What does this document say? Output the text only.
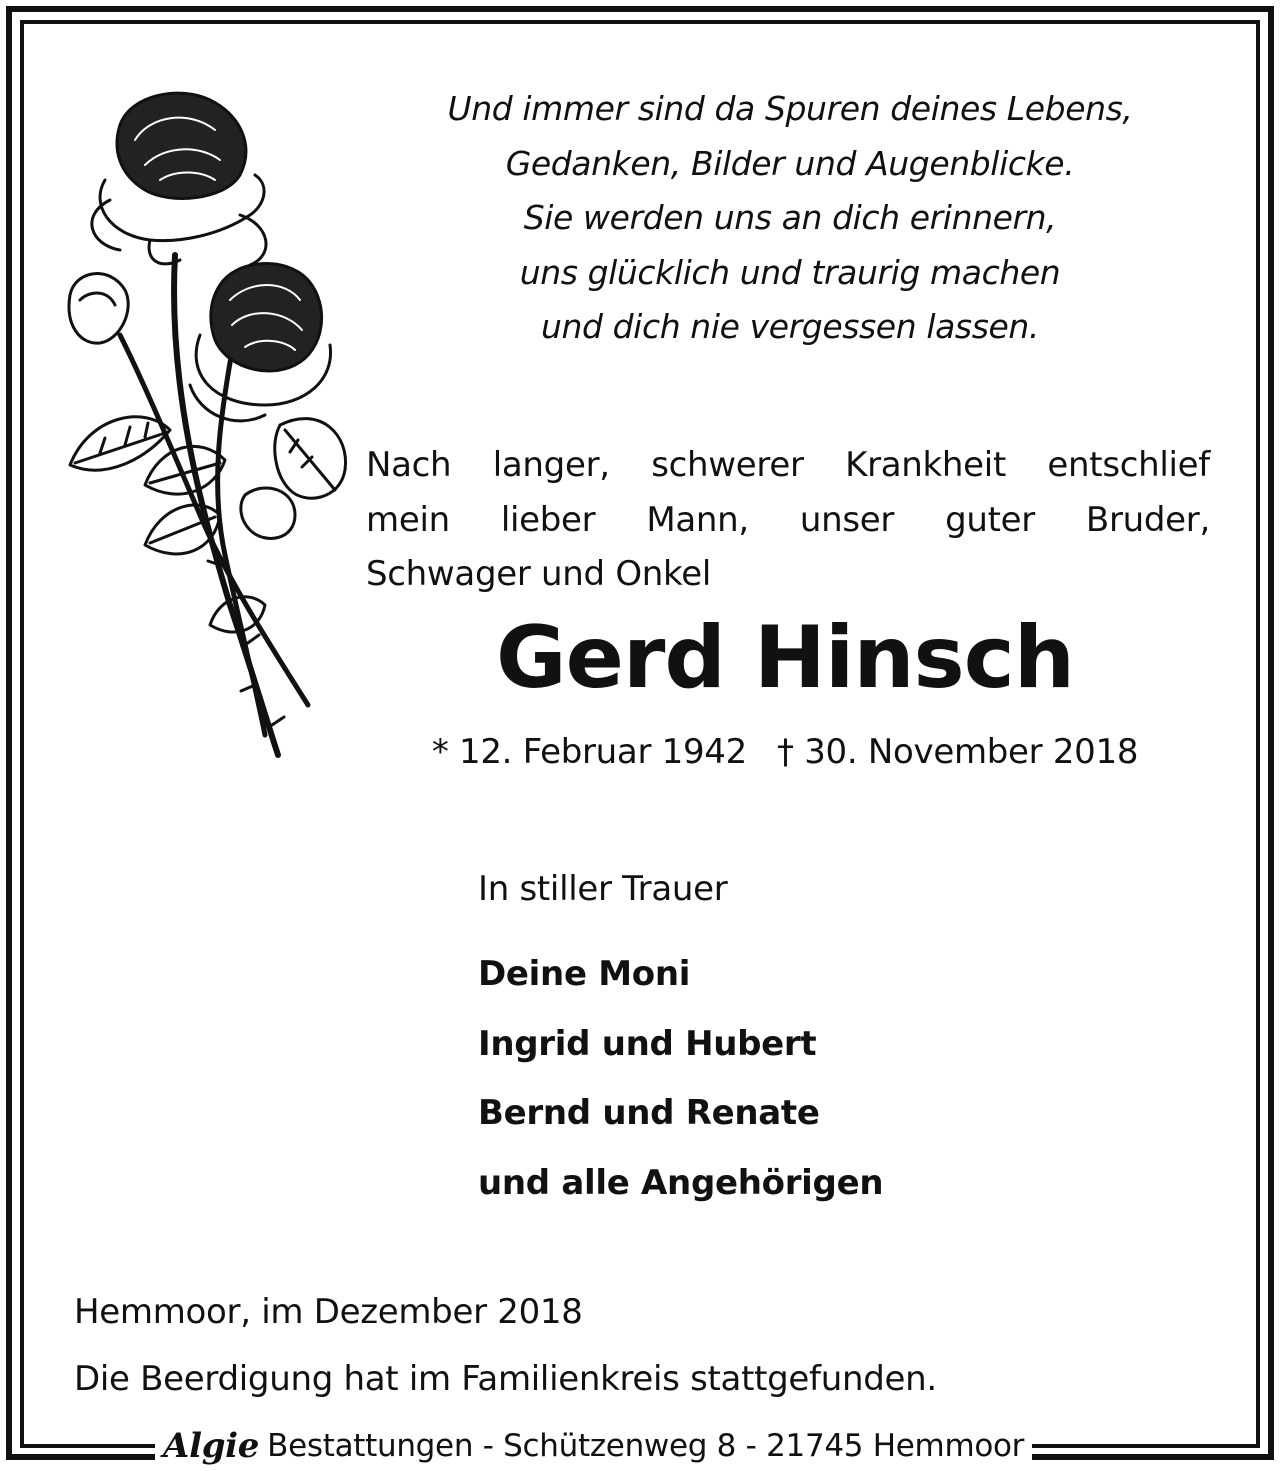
Und immer sind da Spuren deines Lebens,
Gedanken, Bilder und Augenblicke.
Sie werden uns an dich erinnern,
uns glücklich und traurig machen
und dich nie vergessen lassen.
Nach langer, schwerer Krankheit entschlief
mein lieber Mann, unser guter Bruder,
Schwager und Onkel
Gerd Hinsch
* 12. Februar 1942 † 30. November 2018
In stiller Trauer
Deine Moni
Ingrid und Hubert
Bernd und Renate
und alle Angehörigen
Hemmoor, im Dezember 2018
Die Beerdigung hat im Familienkreis stattgefunden.
Algie Bestattungen - Schützenweg 8 - 21745 Hemmoor
